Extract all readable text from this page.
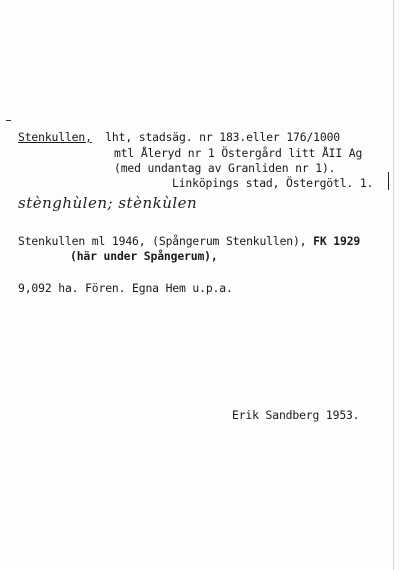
Stenkullen, lht, stadsäg. nr 183.eller 176/1000
mtl Åleryd nr 1 Östergård litt ÅII Ag
(med undantag av Granliden nr 1).
Linköpings stad, Östergötl. 1.
stènghùlen; stènkùlen
Stenkullen ml 1946, (Spångerum Stenkullen), FK 1929
(här under Spångerum),
9,092 ha. Fören. Egna Hem u.p.a.
Erik Sandberg 1953.
